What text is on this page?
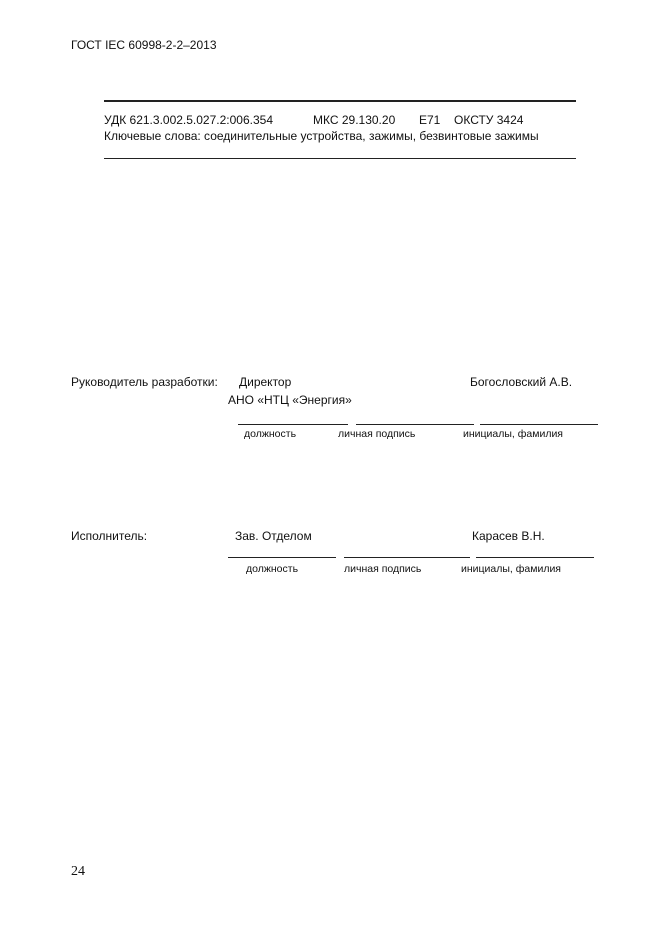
ГОСТ IEC 60998-2-2–2013
УДК 621.3.002.5.027.2:006.354	МКС 29.130.20 Е71 ОКСТУ 3424
Ключевые слова: соединительные устройства, зажимы, безвинтовые зажимы
Руководитель разработки: Директор	Богословский А.В.
АНО «НТЦ «Энергия»
должность	личная подпись	инициалы, фамилия
Исполнитель:	Зав. Отделом	Карасев В.Н.
должность	личная подпись	инициалы, фамилия
24
